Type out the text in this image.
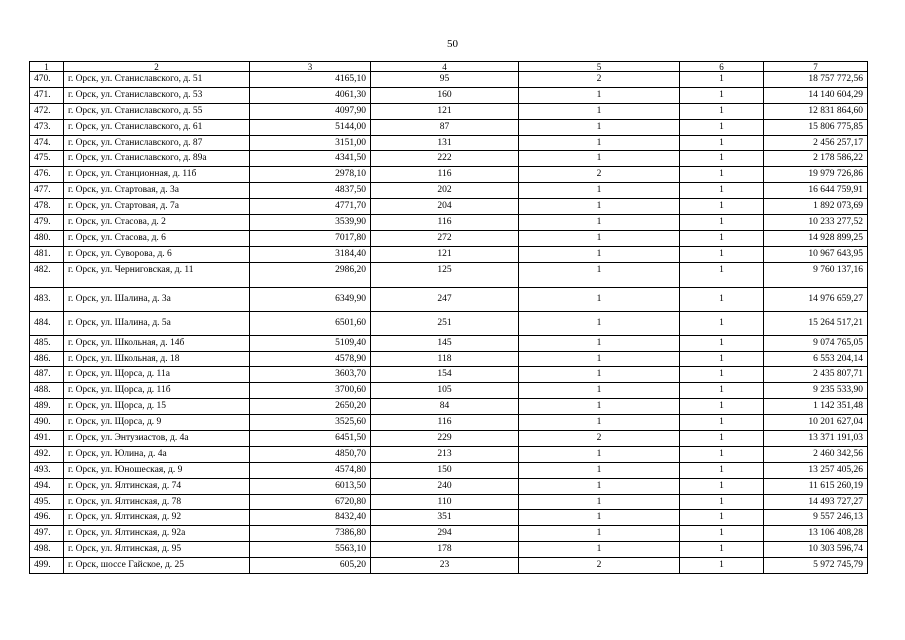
50
1	2	3	4	5	6	7
470.	г. Орск, ул. Станиславского, д. 51	4165,10	95	2	1	18 757 772,56
471.	г. Орск, ул. Станиславского, д. 53	4061,30	160	1	1	14 140 604,29
472.	г. Орск, ул. Станиславского, д. 55	4097,90	121	1	1	12 831 864,60
473.	г. Орск, ул. Станиславского, д. 61	5144,00	87	1	1	15 806 775,85
474.	г. Орск, ул. Станиславского, д. 87	3151,00	131	1	1	2 456 257,17
475.	г. Орск, ул. Станиславского, д. 89а	4341,50	222	1	1	2 178 586,22
476.	г. Орск, ул. Станционная, д. 11б	2978,10	116	2	1	19 979 726,86
477.	г. Орск, ул. Стартовая, д. 3а	4837,50	202	1	1	16 644 759,91
478.	г. Орск, ул. Стартовая, д. 7а	4771,70	204	1	1	1 892 073,69
479.	г. Орск, ул. Стасова, д. 2	3539,90	116	1	1	10 233 277,52
480.	г. Орск, ул. Стасова, д. 6	7017,80	272	1	1	14 928 899,25
481.	г. Орск, ул. Суворова, д. 6	3184,40	121	1	1	10 967 643,95
482.	г. Орск, ул. Черниговская, д. 11	2986,20	125	1	1	9 760 137,16
483.	г. Орск, ул. Шалина, д. 3а	6349,90	247	1	1	14 976 659,27
484.	г. Орск, ул. Шалина, д. 5а	6501,60	251	1	1	15 264 517,21
485.	г. Орск, ул. Школьная, д. 14б	5109,40	145	1	1	9 074 765,05
486.	г. Орск, ул. Школьная, д. 18	4578,90	118	1	1	6 553 204,14
487.	г. Орск, ул. Щорса, д. 11а	3603,70	154	1	1	2 435 807,71
488.	г. Орск, ул. Щорса, д. 11б	3700,60	105	1	1	9 235 533,90
489.	г. Орск, ул. Щорса, д. 15	2650,20	84	1	1	1 142 351,48
490.	г. Орск, ул. Щорса, д. 9	3525,60	116	1	1	10 201 627,04
491.	г. Орск, ул. Энтузиастов, д. 4а	6451,50	229	2	1	13 371 191,03
492.	г. Орск, ул. Юлина, д. 4а	4850,70	213	1	1	2 460 342,56
493.	г. Орск, ул. Юношеская, д. 9	4574,80	150	1	1	13 257 405,26
494.	г. Орск, ул. Ялтинская, д. 74	6013,50	240	1	1	11 615 260,19
495.	г. Орск, ул. Ялтинская, д. 78	6720,80	110	1	1	14 493 727,27
496.	г. Орск, ул. Ялтинская, д. 92	8432,40	351	1	1	9 557 246,13
497.	г. Орск, ул. Ялтинская, д. 92а	7386,80	294	1	1	13 106 408,28
498.	г. Орск, ул. Ялтинская, д. 95	5563,10	178	1	1	10 303 596,74
499.	г. Орск, шоссе Гайское, д. 25	605,20	23	2	1	5 972 745,79
